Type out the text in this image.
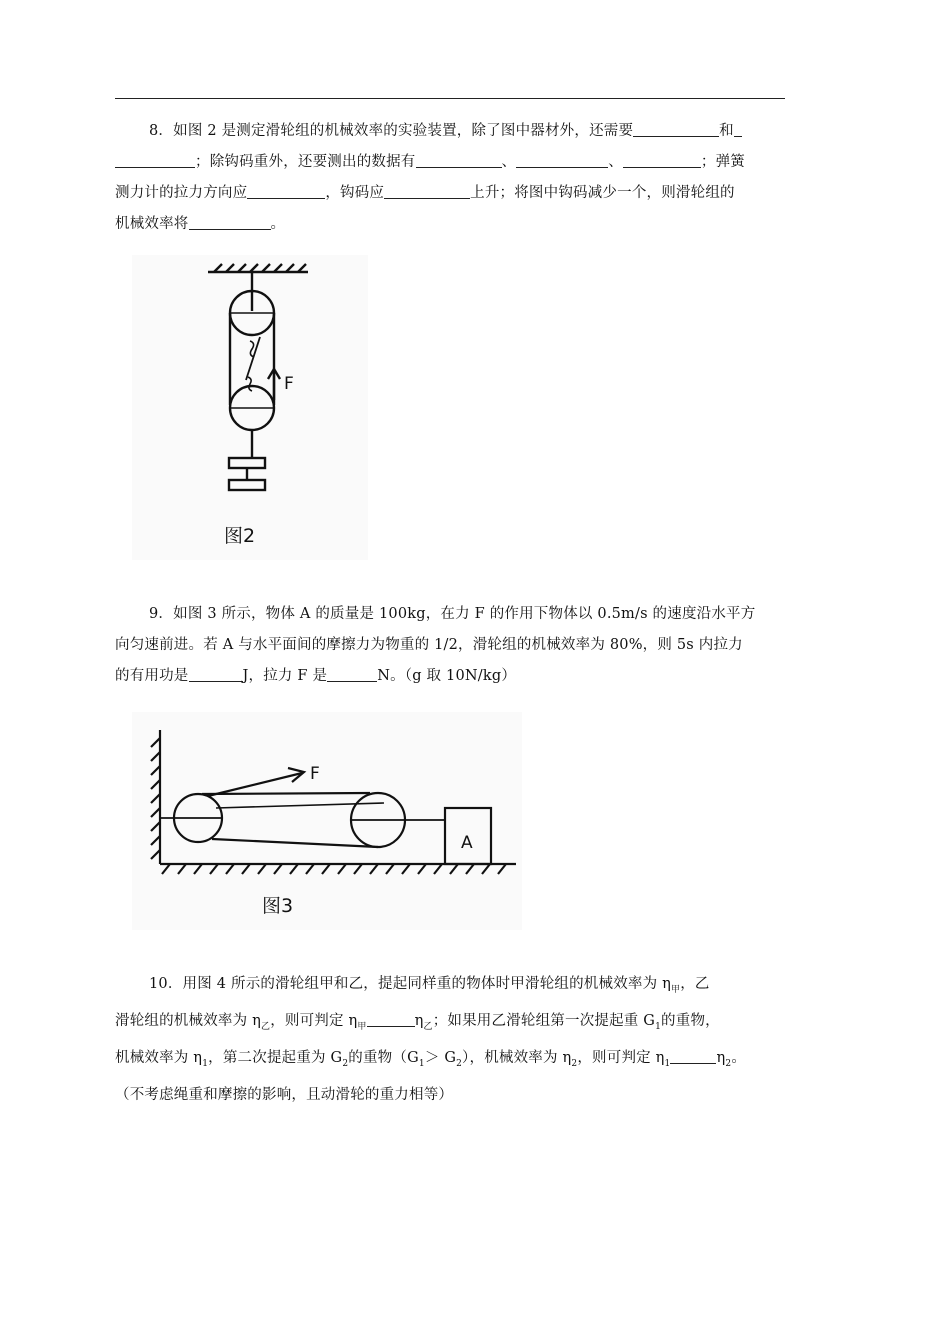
8．如图 2 是测定滑轮组的机械效率的实验装置，除了图中器材外，还需要	和
；除钩码重外，还要测出的数据有	、	、	；弹簧
测力计的拉力方向应	，钩码应	上升；将图中钩码减少一个，则滑轮组的
机械效率将	。
F
图2
9．如图 3 所示，物体 A 的质量是 100kg，在力 F 的作用下物体以 0.5m/s 的速度沿水平方
向匀速前进。若 A 与水平面间的摩擦力为物重的 1/2，滑轮组的机械效率为 80%，则 5s 内拉力
的有用功是	J，拉力 F 是	N。（g 取 10N/kg）
F
A
图3
10．用图 4 所示的滑轮组甲和乙，提起同样重的物体时甲滑轮组的机械效率为 $\eta_甲$，乙
滑轮组的机械效率为 $\eta_乙$，则可判定 $\eta_甲$	$\eta_乙$；如果用乙滑轮组第一次提起重 $G_1$的重物，
机械效率为 $\eta_1$，第二次提起重为 $G_2$的重物$(G_1> G_2)$，机械效率为 $\eta_2$，则可判定 $\eta_1$	$\eta_2$。
（不考虑绳重和摩擦的影响，且动滑轮的重力相等）
